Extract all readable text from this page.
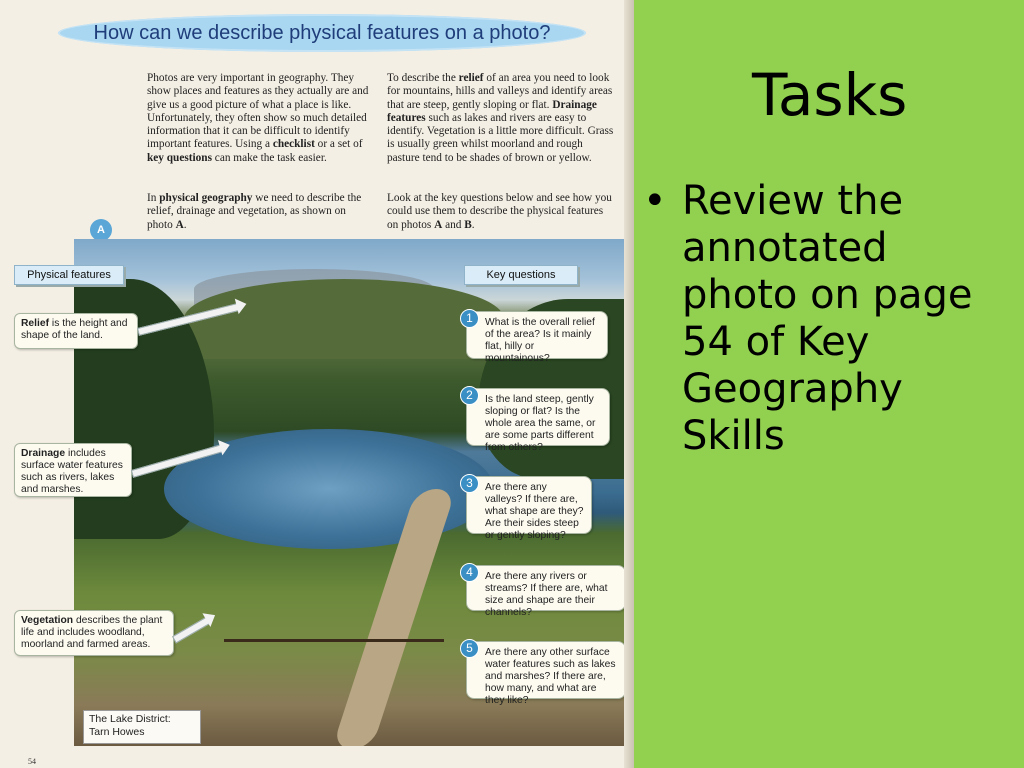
How can we describe physical features on a photo?
Photos are very important in geography. They show places and features as they actually are and give us a good picture of what a place is like. Unfortunately, they often show so much detailed information that it can be difficult to identify important features. Using a checklist or a set of key questions can make the task easier.
In physical geography we need to describe the relief, drainage and vegetation, as shown on photo A.
To describe the relief of an area you need to look for mountains, hills and valleys and identify areas that are steep, gently sloping or flat. Drainage features such as lakes and rivers are easy to identify. Vegetation is a little more difficult. Grass is usually green whilst moorland and rough pasture tend to be shades of brown or yellow.
Look at the key questions below and see how you could use them to describe the physical features on photos A and B.
A
The Lake District:
Tarn Howes
Physical features	Key questions
Relief is the height and shape of the land.
Drainage includes surface water features such as rivers, lakes and marshes.
Vegetation describes the plant life and includes woodland, moorland and farmed areas.
What is the overall relief of the area? Is it mainly flat, hilly or mountainous?
1
Is the land steep, gently sloping or flat? Is the whole area the same, or are some parts different from others?
2
Are there any valleys? If there are, what shape are they? Are their sides steep or gently sloping?
3
Are there any rivers or streams? If there are, what size and shape are their channels?
4
Are there any other surface water features such as lakes and marshes? If there are, how many, and what are they like?
5
54
Tasks
• Review the annotated photo on page 54 of Key Geography Skills
